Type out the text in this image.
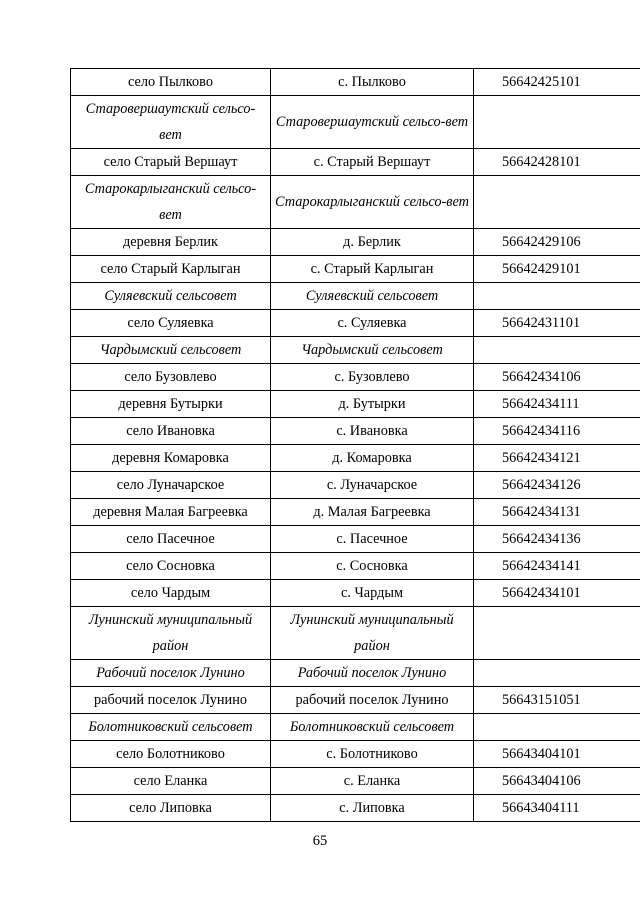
село Пылково	с. Пылково	56642425101
Старовершаутский сельсо-вет	Старовершаутский сельсо-вет	
село Старый Вершаут	с. Старый Вершаут	56642428101
Старокарлыганский сельсо-вет	Старокарлыганский сельсо-вет	
деревня Берлик	д. Берлик	56642429106
село Старый Карлыган	с. Старый Карлыган	56642429101
Суляевский сельсовет	Суляевский сельсовет	
село Суляевка	с. Суляевка	56642431101
Чардымский сельсовет	Чардымский сельсовет	
село Бузовлево	с. Бузовлево	56642434106
деревня Бутырки	д. Бутырки	56642434111
село Ивановка	с. Ивановка	56642434116
деревня Комаровка	д. Комаровка	56642434121
село Луначарское	с. Луначарское	56642434126
деревня Малая Багреевка	д. Малая Багреевка	56642434131
село Пасечное	с. Пасечное	56642434136
село Сосновка	с. Сосновка	56642434141
село Чардым	с. Чардым	56642434101
Лунинский муниципальный район	Лунинский муниципальный район	
Рабочий поселок Лунино	Рабочий поселок Лунино	
рабочий поселок Лунино	рабочий поселок Лунино	56643151051
Болотниковский сельсовет	Болотниковский сельсовет	
село Болотниково	с. Болотниково	56643404101
село Еланка	с. Еланка	56643404106
село Липовка	с. Липовка	56643404111
65
